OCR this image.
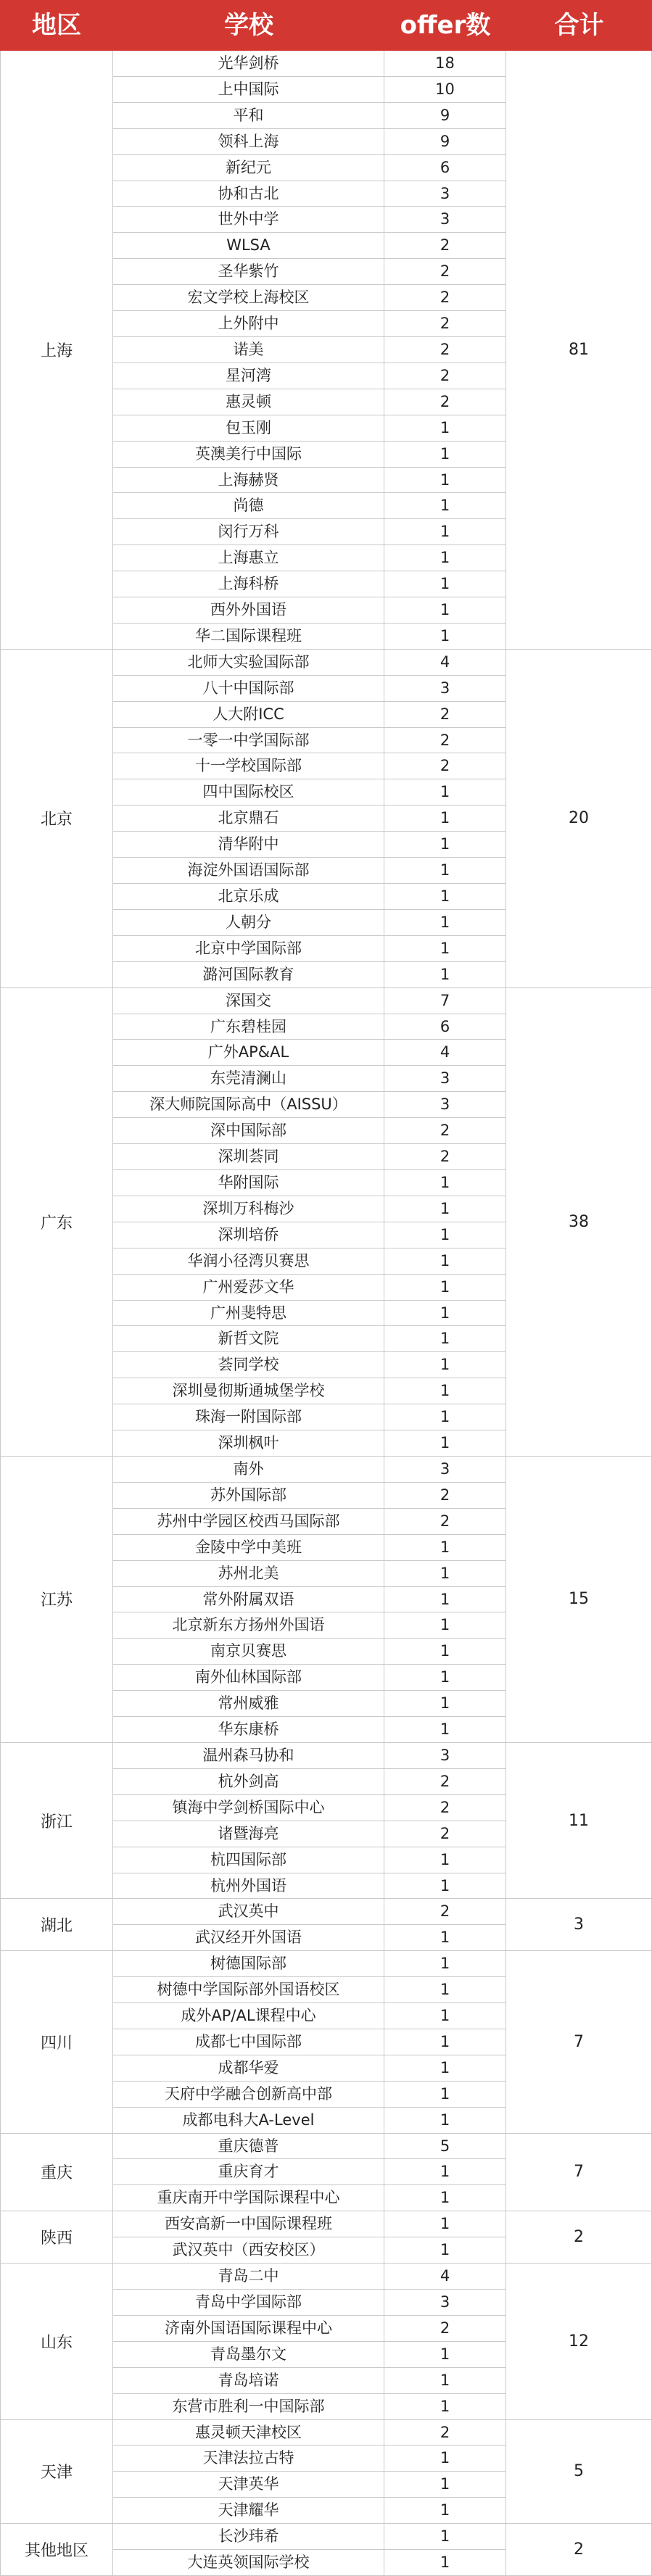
地区	学校	offer数	合计
上海
光华剑桥	18
上中国际	10
平和	9
领科上海	9
新纪元	6
协和古北	3
世外中学	3
WLSA	2
圣华紫竹	2
宏文学校上海校区	2
上外附中	2
诺美	2
星河湾	2
惠灵顿	2
包玉刚	1
英澳美行中国际	1
上海赫贤	1
尚德	1
闵行万科	1
上海惠立	1
上海科桥	1
西外外国语	1
华二国际课程班	1
81
北京
北师大实验国际部	4
八十中国际部	3
人大附ICC	2
一零一中学国际部	2
十一学校国际部	2
四中国际校区	1
北京鼎石	1
清华附中	1
海淀外国语国际部	1
北京乐成	1
人朝分	1
北京中学国际部	1
潞河国际教育	1
20
广东
深国交	7
广东碧桂园	6
广外AP&AL	4
东莞清澜山	3
深大师院国际高中（AISSU）	3
深中国际部	2
深圳荟同	2
华附国际	1
深圳万科梅沙	1
深圳培侨	1
华润小径湾贝赛思	1
广州爱莎文华	1
广州斐特思	1
新哲文院	1
荟同学校	1
深圳曼彻斯通城堡学校	1
珠海一附国际部	1
深圳枫叶	1
38
江苏
南外	3
苏外国际部	2
苏州中学园区校西马国际部	2
金陵中学中美班	1
苏州北美	1
常外附属双语	1
北京新东方扬州外国语	1
南京贝赛思	1
南外仙林国际部	1
常州威雅	1
华东康桥	1
15
浙江
温州森马协和	3
杭外剑高	2
镇海中学剑桥国际中心	2
诸暨海亮	2
杭四国际部	1
杭州外国语	1
11
湖北
武汉英中	2
武汉经开外国语	1
3
四川
树德国际部	1
树德中学国际部外国语校区	1
成外AP/AL课程中心	1
成都七中国际部	1
成都华爱	1
天府中学融合创新高中部	1
成都电科大A-Level	1
7
重庆
重庆德普	5
重庆育才	1
重庆南开中学国际课程中心	1
7
陕西
西安高新一中国际课程班	1
武汉英中（西安校区）	1
2
山东
青岛二中	4
青岛中学国际部	3
济南外国语国际课程中心	2
青岛墨尔文	1
青岛培诺	1
东营市胜利一中国际部	1
12
天津
惠灵顿天津校区	2
天津法拉古特	1
天津英华	1
天津耀华	1
5
其他地区
长沙玮希	1
大连英领国际学校	1
2
